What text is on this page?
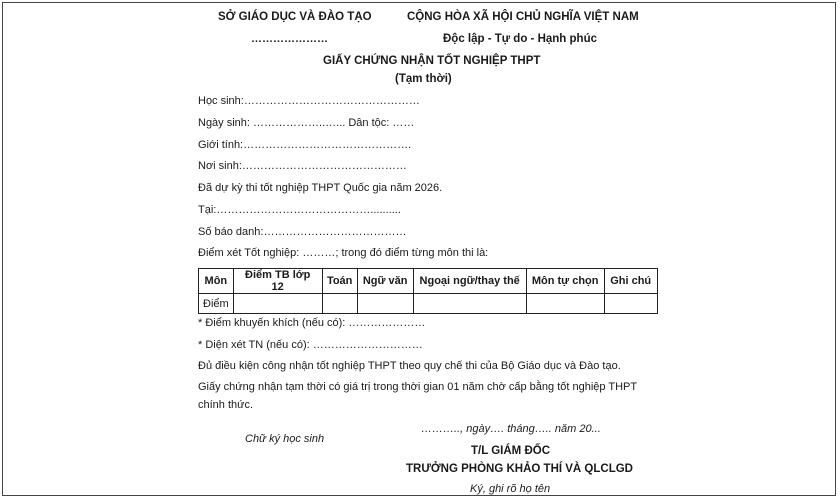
SỞ GIÁO DỤC VÀ ĐÀO TẠO
…………………
CỘNG HÒA XÃ HỘI CHỦ NGHĨA VIỆT NAM
Độc lập - Tự do - Hạnh phúc
GIẤY CHỨNG NHẬN TỐT NGHIỆP THPT
(Tạm thời)
Học sinh:…………………………………………
Ngày sinh: ………………..…... Dân tộc: ……
Giới tính:……………………………………….
Nơi sinh:………………………………………
Đã dự kỳ thi tốt nghiệp THPT Quốc gia năm 2026.
Tại:……………………………………..........
Số báo danh:…………………………………
Điểm xét Tốt nghiệp: ………; trong đó điểm từng môn thi là:
Môn	Điểm TB lớp 12	Toán	Ngữ văn	Ngoại ngữ/thay thế	Môn tự chọn	Ghi chú
Điểm						
* Điểm khuyến khích (nếu có): …………………
* Diện xét TN (nếu có): …………………………
Đủ điều kiện công nhận tốt nghiệp THPT theo quy chế thi của Bộ Giáo dục và Đào tạo.
Giấy chứng nhận tạm thời có giá trị trong thời gian 01 năm chờ cấp bằng tốt nghiệp THPT
chính thức.
Chữ ký học sinh
……….., ngày…. tháng….. năm 20...
T/L GIÁM ĐỐC
TRƯỞNG PHÒNG KHẢO THÍ VÀ QLCLGD
Ký, ghi rõ họ tên
